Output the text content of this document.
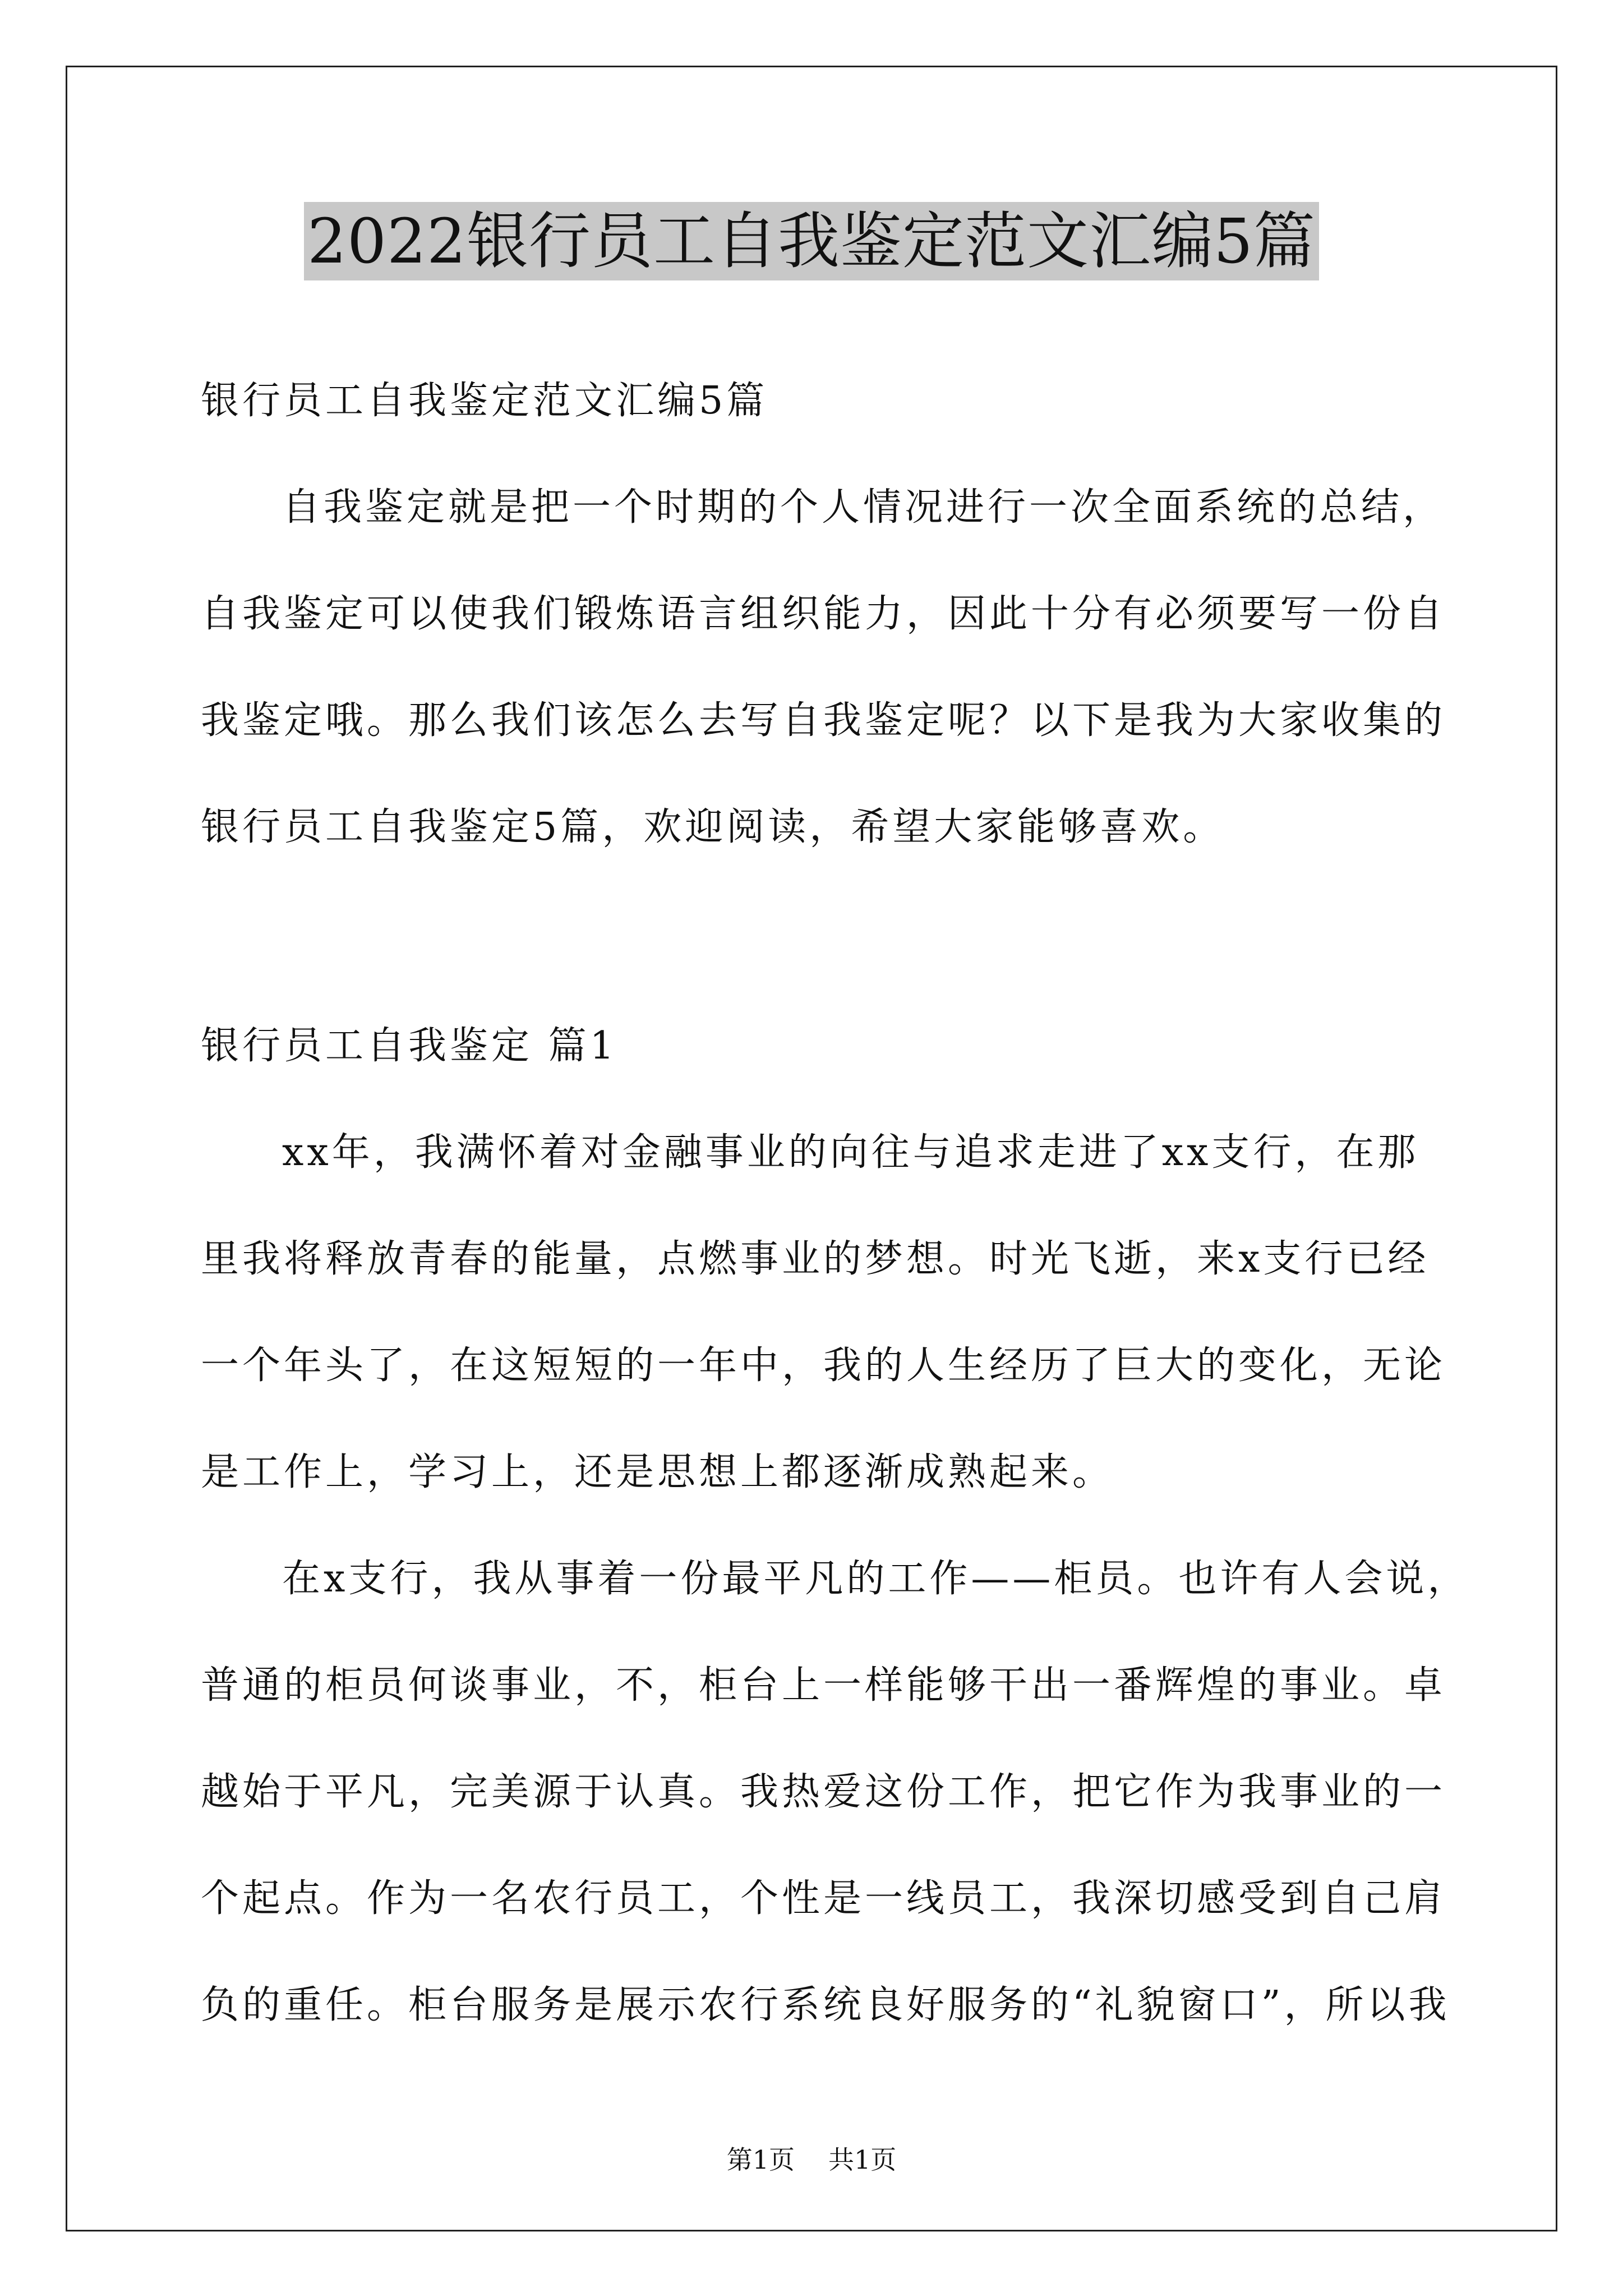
2022银行员工自我鉴定范文汇编5篇
银行员工自我鉴定范文汇编5篇
自我鉴定就是把一个时期的个人情况进行一次全面系统的总结，
自我鉴定可以使我们锻炼语言组织能力，因此十分有必须要写一份自
我鉴定哦。那么我们该怎么去写自我鉴定呢？以下是我为大家收集的
银行员工自我鉴定5篇，欢迎阅读，希望大家能够喜欢。
银行员工自我鉴定 篇1
xx年，我满怀着对金融事业的向往与追求走进了xx支行，在那
里我将释放青春的能量，点燃事业的梦想。时光飞逝，来x支行已经
一个年头了，在这短短的一年中，我的人生经历了巨大的变化，无论
是工作上，学习上，还是思想上都逐渐成熟起来。
在x支行，我从事着一份最平凡的工作——柜员。也许有人会说，
普通的柜员何谈事业，不，柜台上一样能够干出一番辉煌的事业。卓
越始于平凡，完美源于认真。我热爱这份工作，把它作为我事业的一
个起点。作为一名农行员工，个性是一线员工，我深切感受到自己肩
负的重任。柜台服务是展示农行系统良好服务的“礼貌窗口”，所以我
第1页 共1页
